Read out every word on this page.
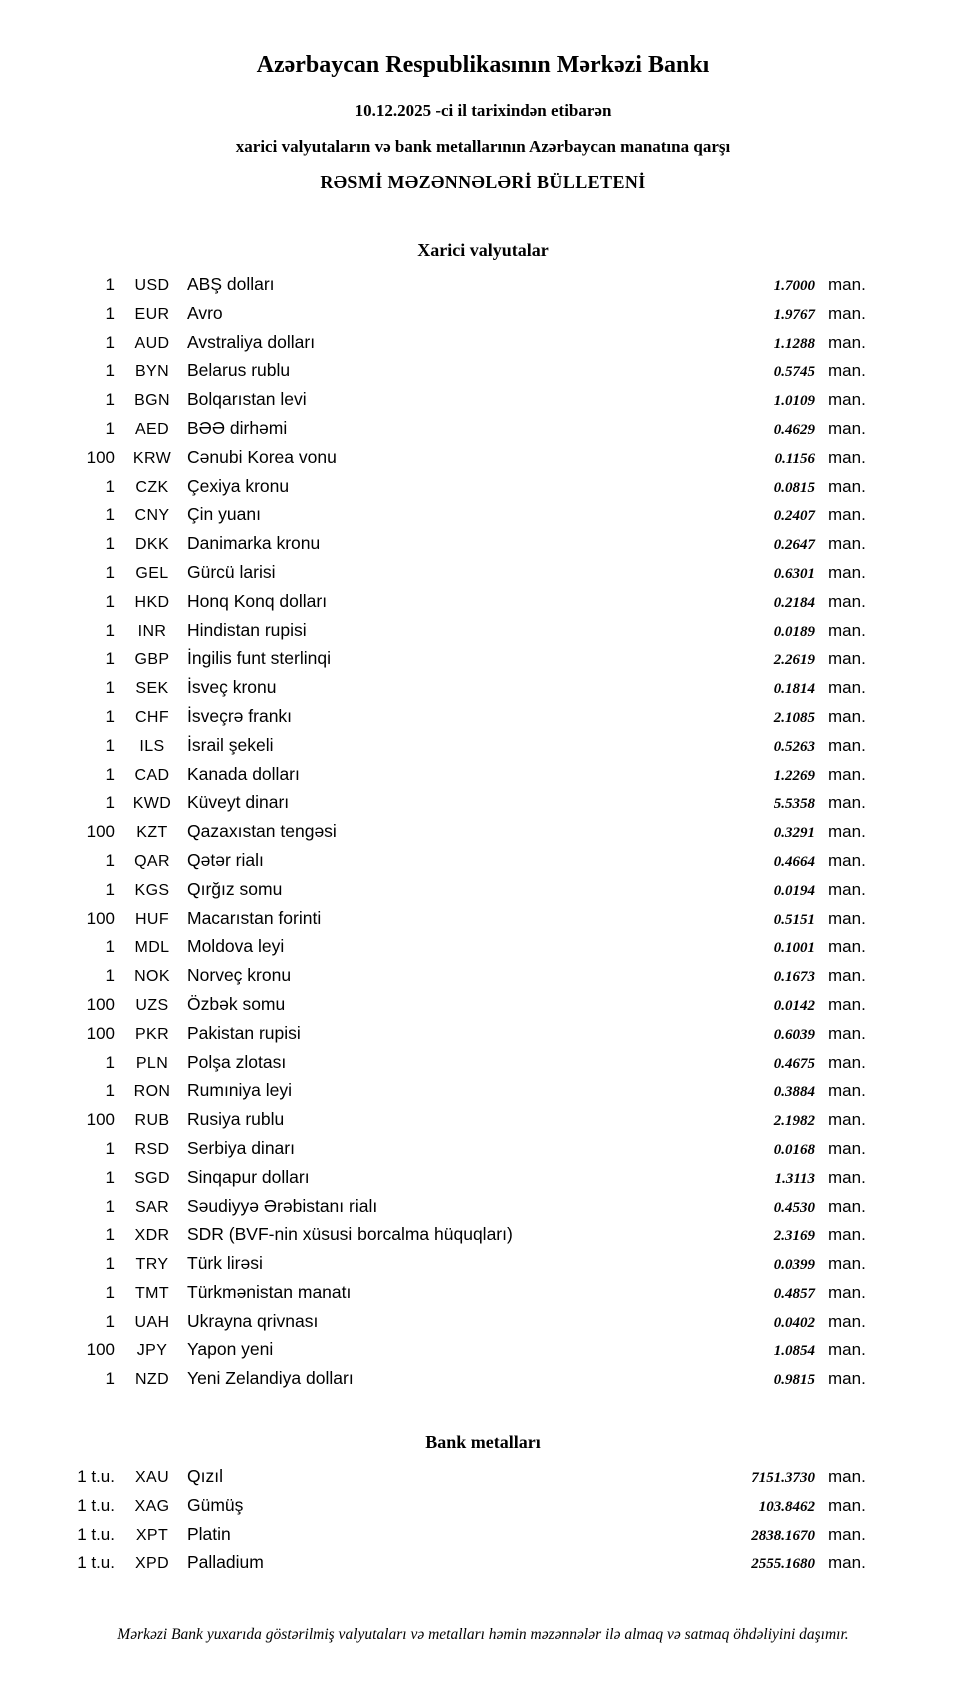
Azərbaycan Respublikasının Mərkəzi Bankı
10.12.2025 -ci il tarixindən etibarən
xarici valyutaların və bank metallarının Azərbaycan manatına qarşı
RƏSMİ MƏZƏNNƏLƏRİ BÜLLETENİ
Xarici valyutalar
1	USD	ABŞ dolları	1.7000 man.
1	EUR	Avro	1.9767 man.
1	AUD	Avstraliya dolları	1.1288 man.
1	BYN	Belarus rublu	0.5745 man.
1	BGN Bolqarıstan levi	1.0109 man.
1	AED	BƏƏ dirhəmi	0.4629 man.
100	KRW Cənubi Korea vonu	0.1156 man.
1	CZK	Çexiya kronu	0.0815 man.
1	CNY	Çin yuanı	0.2407 man.
1	DKK	Danimarka kronu	0.2647 man.
1	GEL	Gürcü larisi	0.6301 man.
1	HKD	Honq Konq dolları	0.2184 man.
1	INR	Hindistan rupisi	0.0189 man.
1	GBP	İngilis funt sterlinqi	2.2619 man.
1	SEK	İsveç kronu	0.1814 man.
1	CHF	İsveçrə frankı	2.1085 man.
1	ILS	İsrail şekeli	0.5263 man.
1	CAD	Kanada dolları	1.2269 man.
1	KWD Küveyt dinarı	5.5358 man.
100	KZT	Qazaxıstan tengəsi	0.3291 man.
1	QAR Qətər rialı	0.4664 man.
1	KGS	Qırğız somu	0.0194 man.
100	HUF	Macarıstan forinti	0.5151 man.
1	MDL	Moldova leyi	0.1001 man.
1	NOK Norveç kronu	0.1673 man.
100	UZS	Özbək somu	0.0142 man.
100	PKR	Pakistan rupisi	0.6039 man.
1	PLN	Polşa zlotası	0.4675 man.
1	RON Rumıniya leyi	0.3884 man.
100	RUB	Rusiya rublu	2.1982 man.
1	RSD	Serbiya dinarı	0.0168 man.
1	SGD Sinqapur dolları	1.3113 man.
1	SAR	Səudiyyə Ərəbistanı rialı	0.4530 man.
1	XDR	SDR (BVF-nin xüsusi borcalma hüquqları)	2.3169 man.
1	TRY	Türk lirəsi	0.0399 man.
1	TMT	Türkmənistan manatı	0.4857 man.
1	UAH	Ukrayna qrivnası	0.0402 man.
100	JPY	Yapon yeni	1.0854 man.
1	NZD	Yeni Zelandiya dolları	0.9815 man.
Bank metalları
1 t.u.	XAU	Qızıl	7151.3730 man.
1 t.u.	XAG	Gümüş	103.8462 man.
1 t.u.	XPT	Platin	2838.1670 man.
1 t.u.	XPD	Palladium	2555.1680 man.
Mərkəzi Bank yuxarıda göstərilmiş valyutaları və metalları həmin məzənnələr ilə almaq və satmaq öhdəliyini daşımır.
